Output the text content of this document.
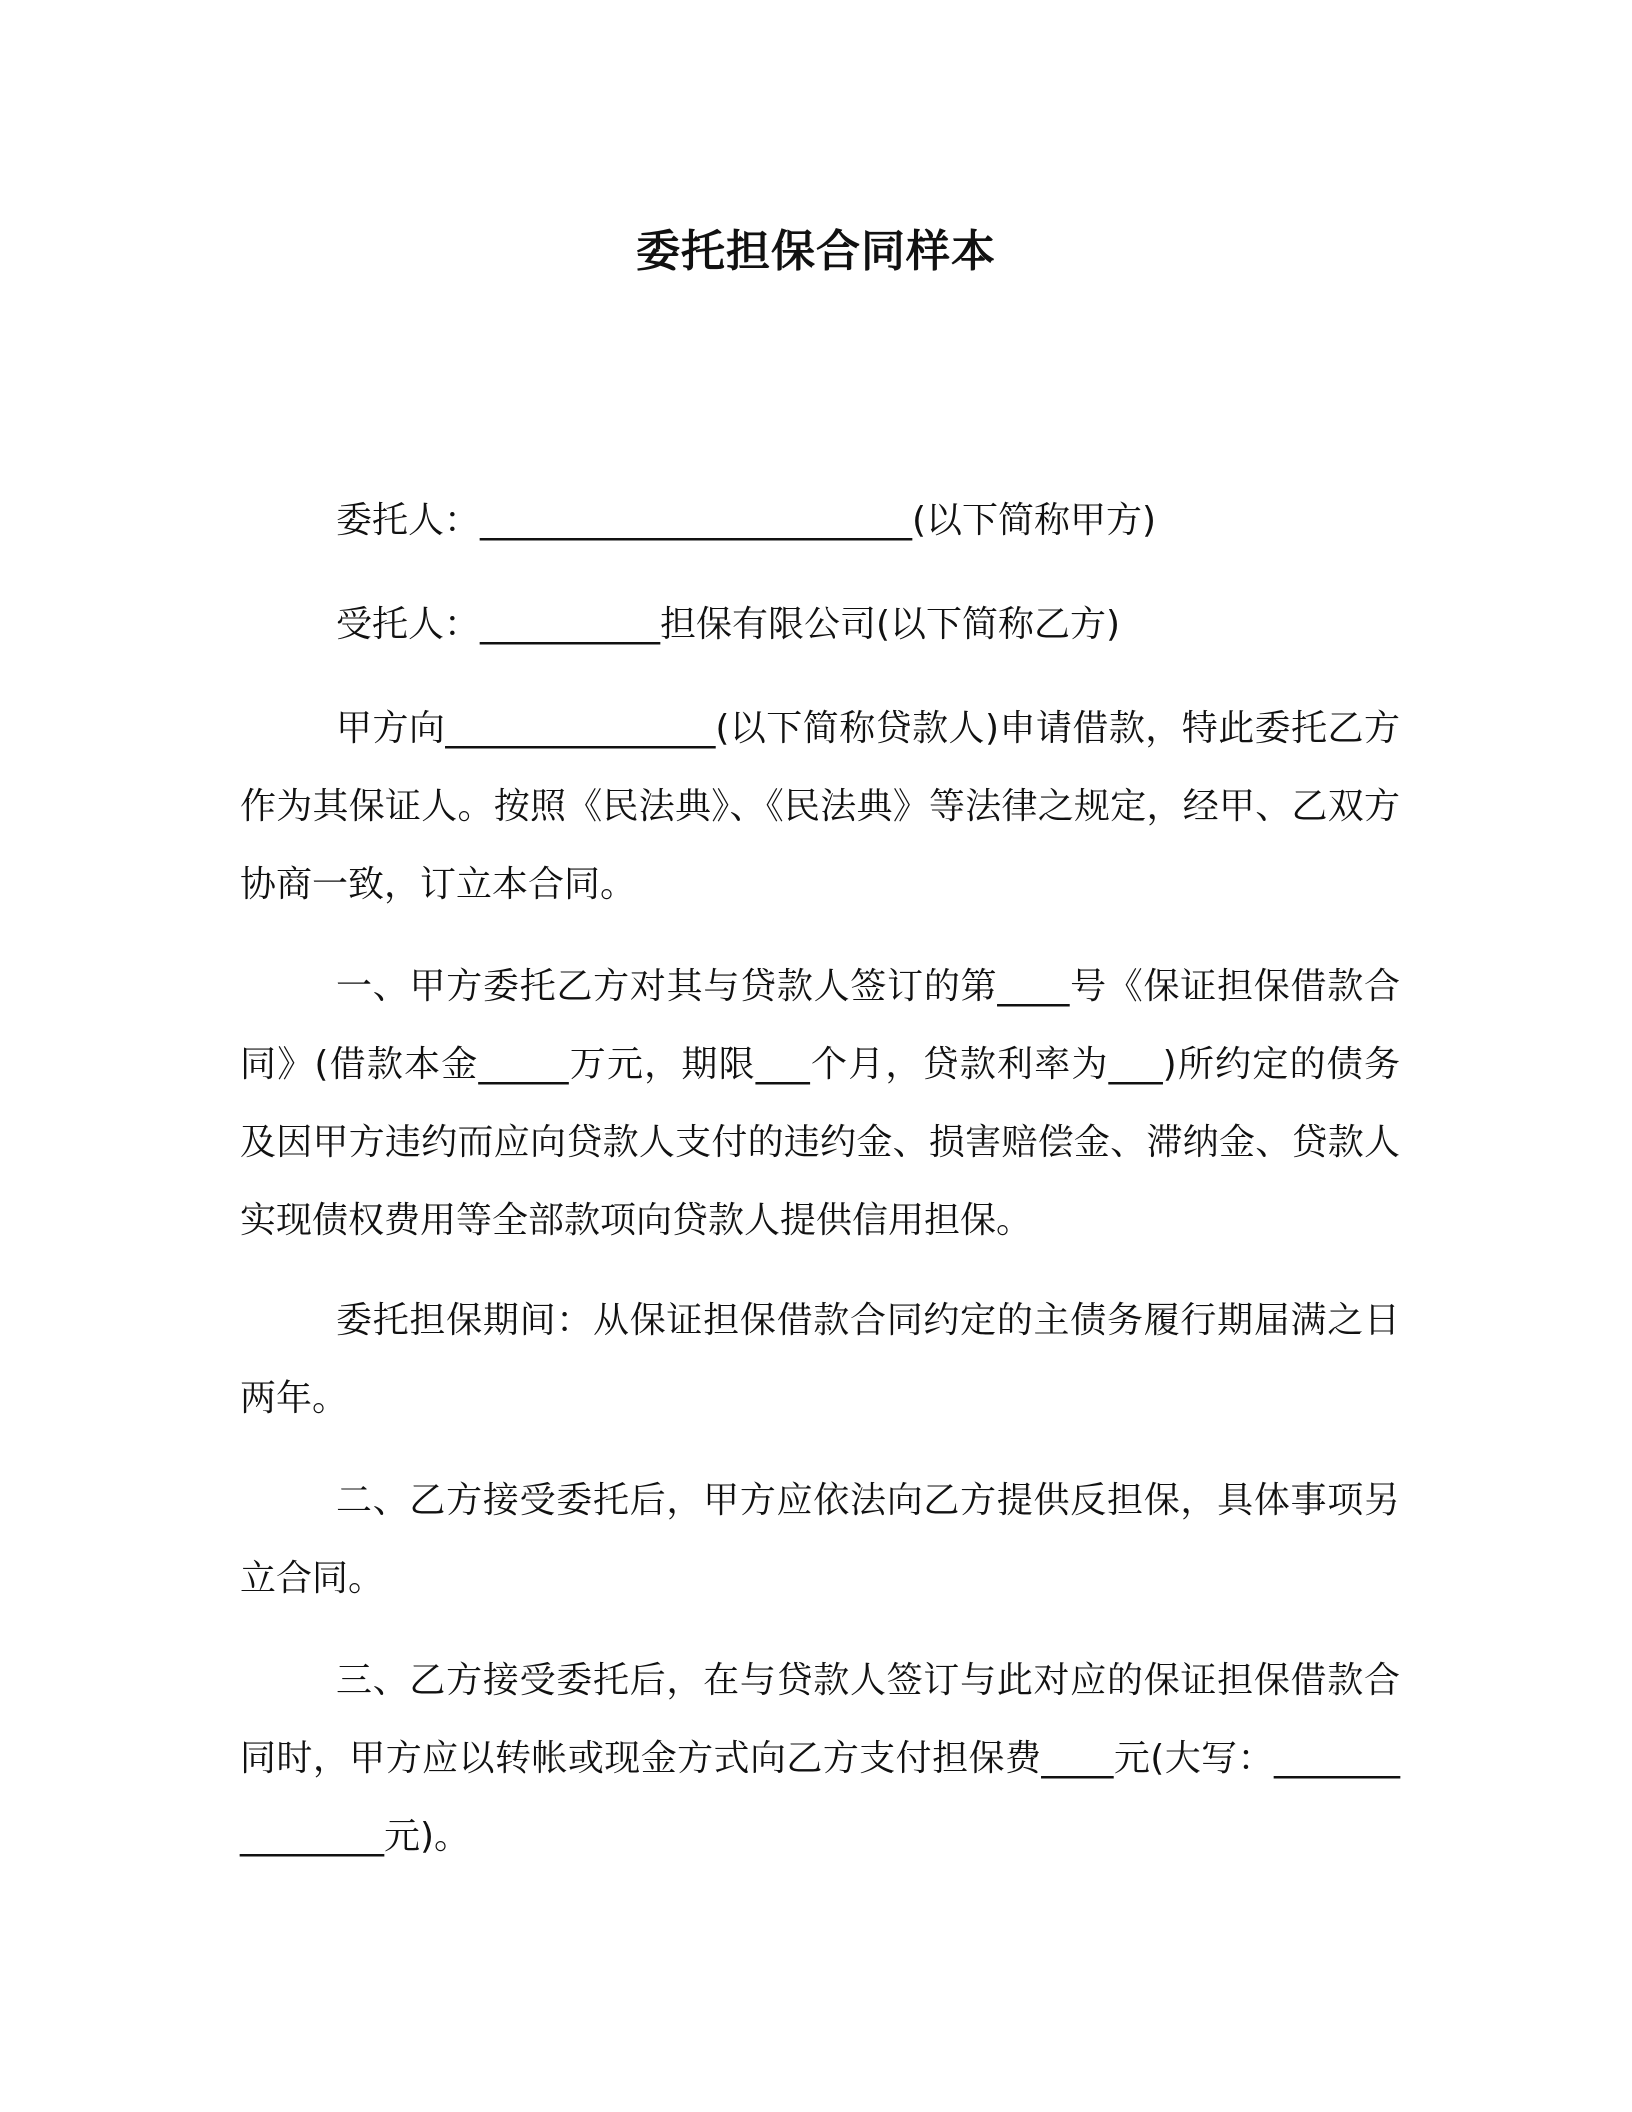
委托担保合同样本

委托人：________________________(以下简称甲方)

受托人：__________担保有限公司(以下简称乙方)

甲方向_______________(以下简称贷款人)申请借款，特此委托乙方作为其保证人。按照《民法典》、《民法典》等法律之规定，经甲、乙双方协商一致，订立本合同。

一、甲方委托乙方对其与贷款人签订的第____号《保证担保借款合同》(借款本金_____万元，期限___个月，贷款利率为___)所约定的债务及因甲方违约而应向贷款人支付的违约金、损害赔偿金、滞纳金、贷款人实现债权费用等全部款项向贷款人提供信用担保。

委托担保期间：从保证担保借款合同约定的主债务履行期届满之日两年。

二、乙方接受委托后，甲方应依法向乙方提供反担保，具体事项另立合同。

三、乙方接受委托后，在与贷款人签订与此对应的保证担保借款合同时，甲方应以转帐或现金方式向乙方支付担保费____元(大写：_______________元)。
